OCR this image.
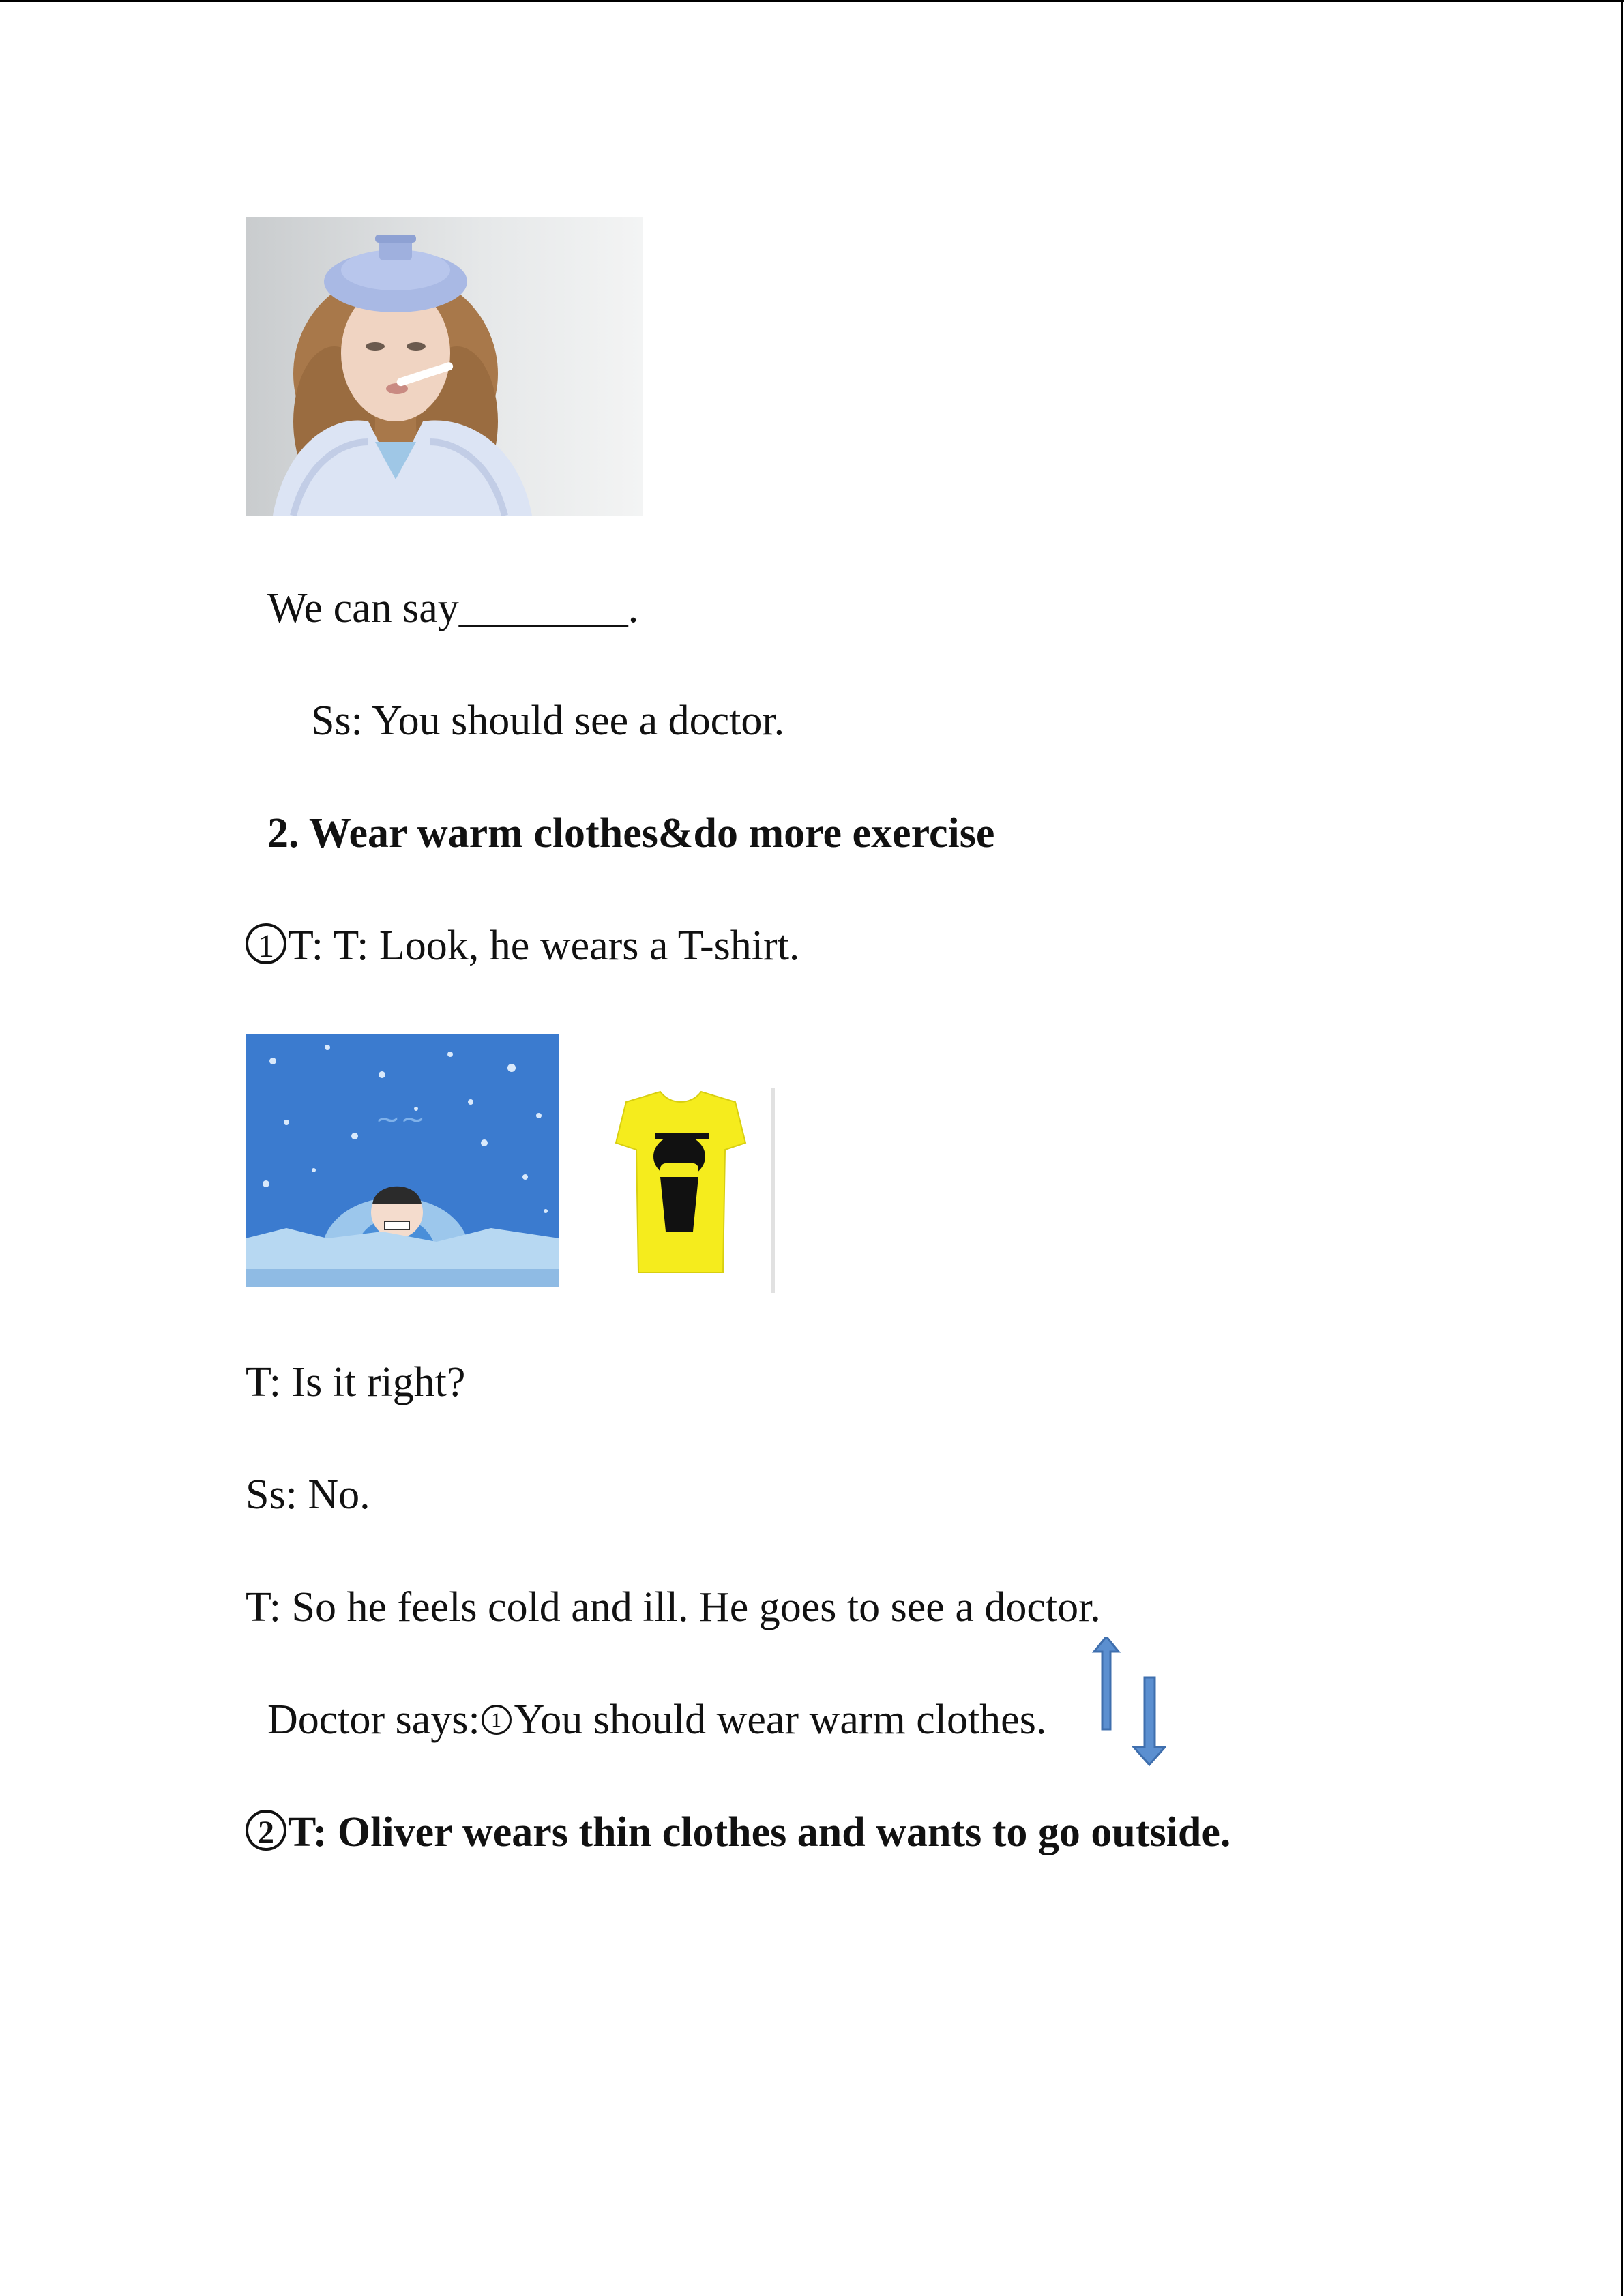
We can say________.
Ss: You should see a doctor.
2. Wear warm clothes&do more exercise
1 T: T: Look, he wears a T-shirt.
~~
T: Is it right?
Ss: No.
T: So he feels cold and ill. He goes to see a doctor.
Doctor says: 1 You should wear warm clothes.
2 T: Oliver wears thin clothes and wants to go outside.
